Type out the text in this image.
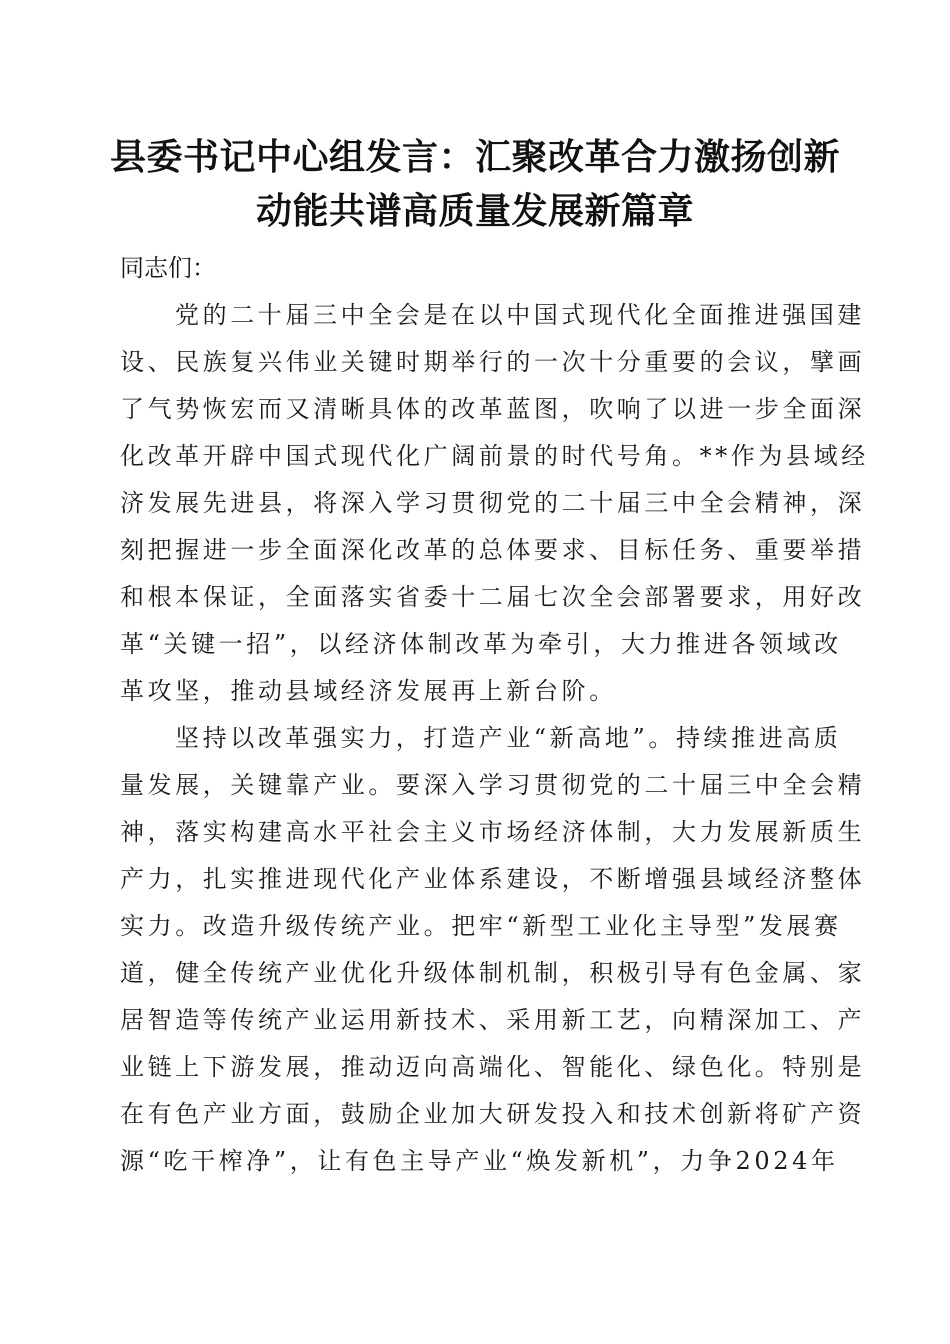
县委书记中心组发言：汇聚改革合力激扬创新
动能共谱高质量发展新篇章

同志们：

党的二十届三中全会是在以中国式现代化全面推进强国建
设、民族复兴伟业关键时期举行的一次十分重要的会议，擘画
了气势恢宏而又清晰具体的改革蓝图，吹响了以进一步全面深
化改革开辟中国式现代化广阔前景的时代号角。**作为县域经
济发展先进县，将深入学习贯彻党的二十届三中全会精神，深
刻把握进一步全面深化改革的总体要求、目标任务、重要举措
和根本保证，全面落实省委十二届七次全会部署要求，用好改
革“关键一招”，以经济体制改革为牵引，大力推进各领域改
革攻坚，推动县域经济发展再上新台阶。

坚持以改革强实力，打造产业“新高地”。持续推进高质
量发展，关键靠产业。要深入学习贯彻党的二十届三中全会精
神，落实构建高水平社会主义市场经济体制，大力发展新质生
产力，扎实推进现代化产业体系建设，不断增强县域经济整体
实力。改造升级传统产业。把牢“新型工业化主导型”发展赛
道，健全传统产业优化升级体制机制，积极引导有色金属、家
居智造等传统产业运用新技术、采用新工艺，向精深加工、产
业链上下游发展，推动迈向高端化、智能化、绿色化。特别是
在有色产业方面，鼓励企业加大研发投入和技术创新将矿产资
源“吃干榨净”，让有色主导产业“焕发新机”，力争2024年
